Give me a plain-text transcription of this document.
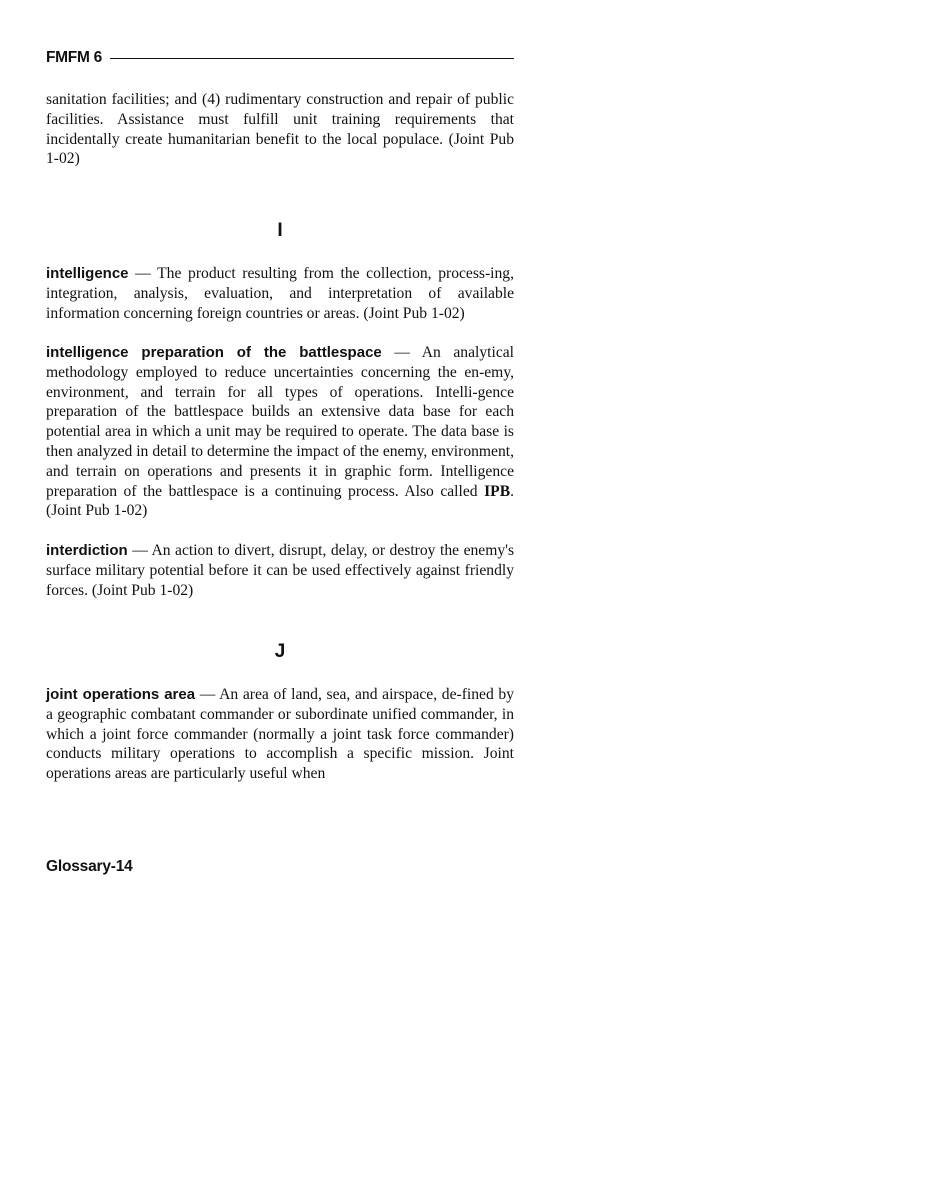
FMFM 6

sanitation facilities; and (4) rudimentary construction and repair of public facilities. Assistance must fulfill unit training requirements that incidentally create humanitarian benefit to the local populace. (Joint Pub 1-02)

I

intelligence — The product resulting from the collection, process-ing, integration, analysis, evaluation, and interpretation of available information concerning foreign countries or areas. (Joint Pub 1-02)

intelligence preparation of the battlespace — An analytical methodology employed to reduce uncertainties concerning the en-emy, environment, and terrain for all types of operations. Intelli-gence preparation of the battlespace builds an extensive data base for each potential area in which a unit may be required to operate. The data base is then analyzed in detail to determine the impact of the enemy, environment, and terrain on operations and presents it in graphic form. Intelligence preparation of the battlespace is a continuing process. Also called IPB. (Joint Pub 1-02)

interdiction — An action to divert, disrupt, delay, or destroy the enemy's surface military potential before it can be used effectively against friendly forces. (Joint Pub 1-02)

J

joint operations area — An area of land, sea, and airspace, de-fined by a geographic combatant commander or subordinate unified commander, in which a joint force commander (normally a joint task force commander) conducts military operations to accomplish a specific mission. Joint operations areas are particularly useful when

Glossary-14
